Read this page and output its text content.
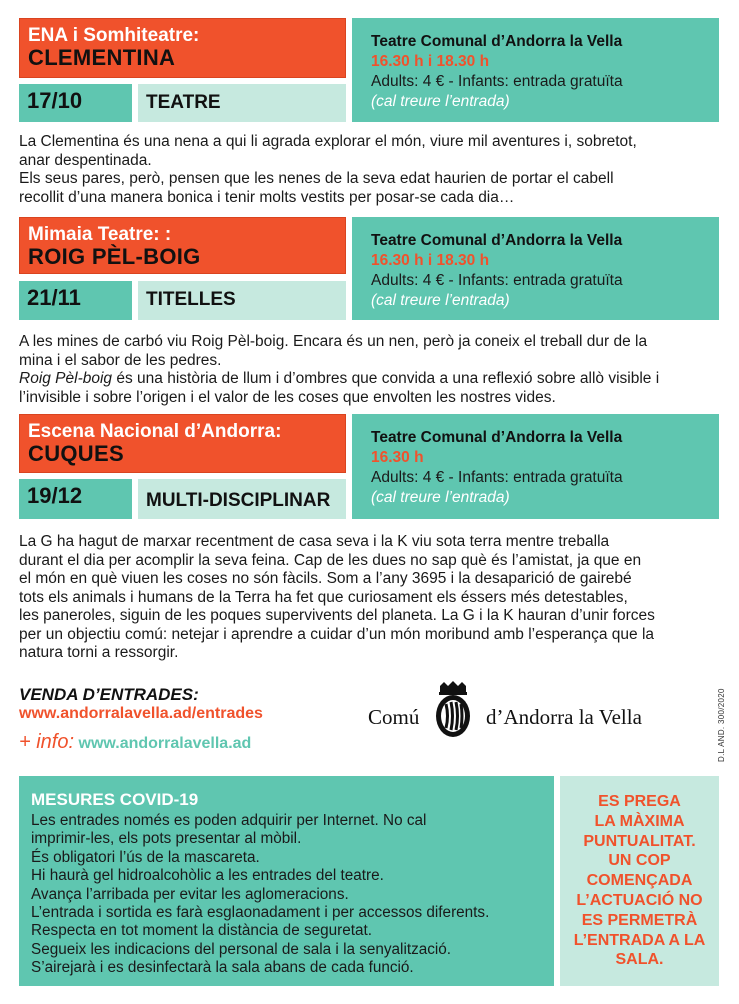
ENA i Somhiteatre:
CLEMENTINA
17/10	TEATRE
Teatre Comunal d’Andorra la Vella
16.30 h i 18.30 h
Adults: 4 € - Infants: entrada gratuïta
(cal treure l’entrada)
La Clementina és una nena a qui li agrada explorar el món, viure mil aventures i, sobretot,
anar despentinada.
Els seus pares, però, pensen que les nenes de la seva edat haurien de portar el cabell
recollit d’una manera bonica i tenir molts vestits per posar-se cada dia…
Mimaia Teatre: :
ROIG PÈL-BOIG
21/11	TITELLES
Teatre Comunal d’Andorra la Vella
16.30 h i 18.30 h
Adults: 4 € - Infants: entrada gratuïta
(cal treure l’entrada)
A les mines de carbó viu Roig Pèl-boig. Encara és un nen, però ja coneix el treball dur de la
mina i el sabor de les pedres.
Roig Pèl-boig és una història de llum i d’ombres que convida a una reflexió sobre allò visible i
l’invisible i sobre l’origen i el valor de les coses que envolten les nostres vides.
Escena Nacional d’Andorra:
CUQUES
19/12	MULTI-DISCIPLINAR
Teatre Comunal d’Andorra la Vella
16.30 h
Adults: 4 € - Infants: entrada gratuïta
(cal treure l’entrada)
La G ha hagut de marxar recentment de casa seva i la K viu sota terra mentre treballa
durant el dia per acomplir la seva feina. Cap de les dues no sap què és l’amistat, ja que en
el món en què viuen les coses no són fàcils. Som a l’any 3695 i la desaparició de gairebé
tots els animals i humans de la Terra ha fet que curiosament els éssers més detestables,
les paneroles, siguin de les poques supervivents del planeta. La G i la K hauran d’unir forces
per un objectiu comú: netejar i aprendre a cuidar d’un món moribund amb l’esperança que la
natura torni a ressorgir.
VENDA D’ENTRADES:
www.andorralavella.ad/entrades
+ info: www.andorralavella.ad
Comú	d’Andorra la Vella	D.L AND. 300/2020
MESURES COVID-19
Les entrades només es poden adquirir per Internet. No cal
imprimir-les, els pots presentar al mòbil.
És obligatori l’ús de la mascareta.
Hi haurà gel hidroalcohòlic a les entrades del teatre.
Avança l’arribada per evitar les aglomeracions.
L’entrada i sortida es farà esglaonadament i per accessos diferents.
Respecta en tot moment la distància de seguretat.
Segueix les indicacions del personal de sala i la senyalització.
S’airejarà i es desinfectarà la sala abans de cada funció.
ES PREGA
LA MÀXIMA
PUNTUALITAT.
UN COP
COMENÇADA
L’ACTUACIÓ NO
ES PERMETRÀ
L’ENTRADA A LA
SALA.
